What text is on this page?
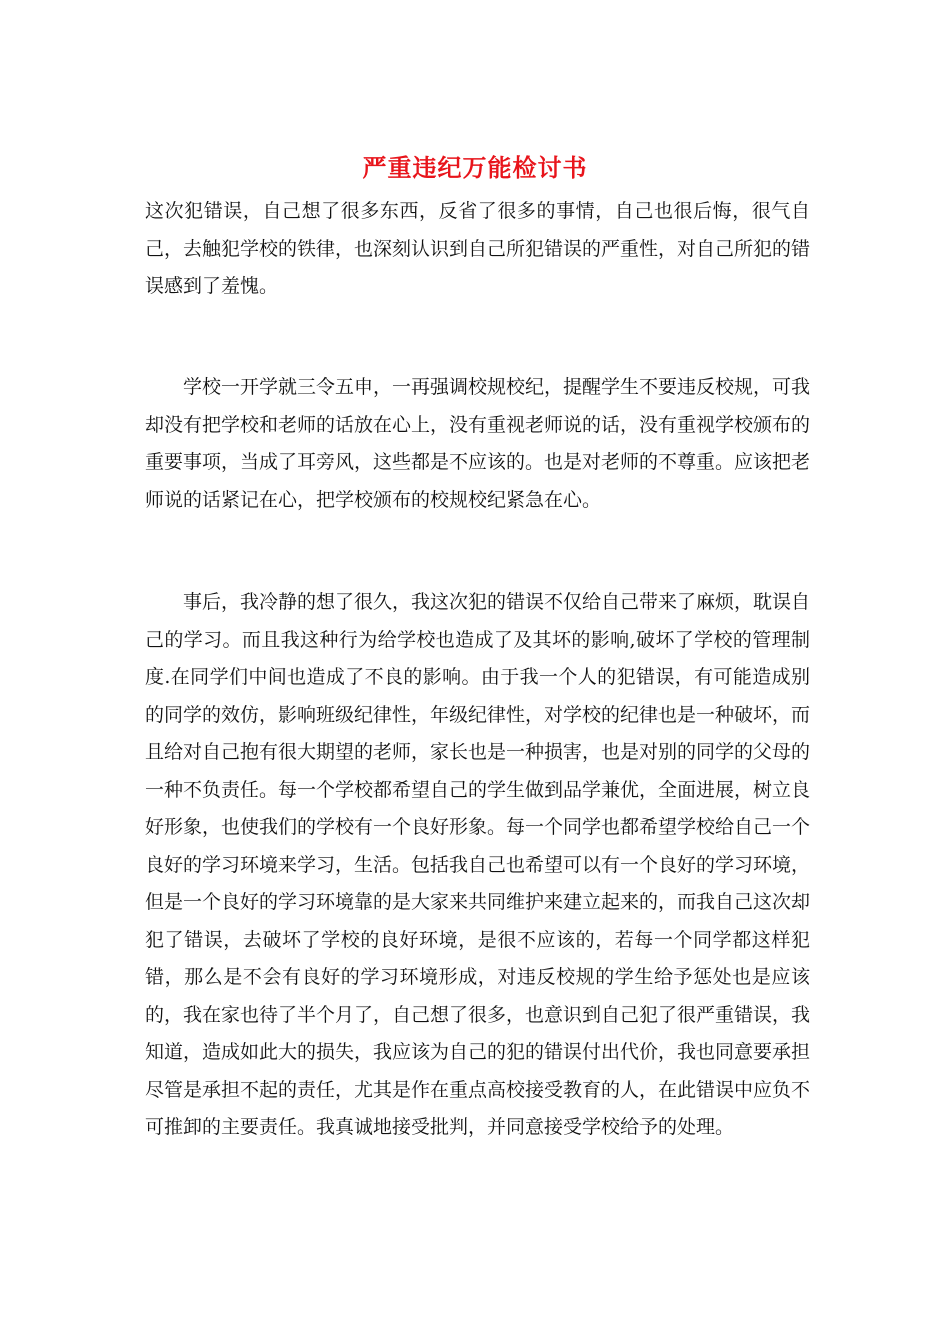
严重违纪万能检讨书

这次犯错误，自己想了很多东西，反省了很多的事情，自己也很后悔，很气自己，去触犯学校的铁律，也深刻认识到自己所犯错误的严重性，对自己所犯的错误感到了羞愧。

学校一开学就三令五申，一再强调校规校纪，提醒学生不要违反校规，可我却没有把学校和老师的话放在心上，没有重视老师说的话，没有重视学校颁布的重要事项，当成了耳旁风，这些都是不应该的。也是对老师的不尊重。应该把老师说的话紧记在心，把学校颁布的校规校纪紧急在心。

事后，我冷静的想了很久，我这次犯的错误不仅给自己带来了麻烦，耽误自己的学习。而且我这种行为给学校也造成了及其坏的影响,破坏了学校的管理制度.在同学们中间也造成了不良的影响。由于我一个人的犯错误，有可能造成别的同学的效仿，影响班级纪律性，年级纪律性，对学校的纪律也是一种破坏，而且给对自己抱有很大期望的老师，家长也是一种损害，也是对别的同学的父母的一种不负责任。每一个学校都希望自己的学生做到品学兼优，全面进展，树立良好形象，也使我们的学校有一个良好形象。每一个同学也都希望学校给自己一个良好的学习环境来学习，生活。包括我自己也希望可以有一个良好的学习环境，但是一个良好的学习环境靠的是大家来共同维护来建立起来的，而我自己这次却犯了错误，去破坏了学校的良好环境，是很不应该的，若每一个同学都这样犯错，那么是不会有良好的学习环境形成，对违反校规的学生给予惩处也是应该的，我在家也待了半个月了，自己想了很多，也意识到自己犯了很严重错误，我知道，造成如此大的损失，我应该为自己的犯的错误付出代价，我也同意要承担尽管是承担不起的责任，尤其是作在重点高校接受教育的人，在此错误中应负不可推卸的主要责任。我真诚地接受批判，并同意接受学校给予的处理。
